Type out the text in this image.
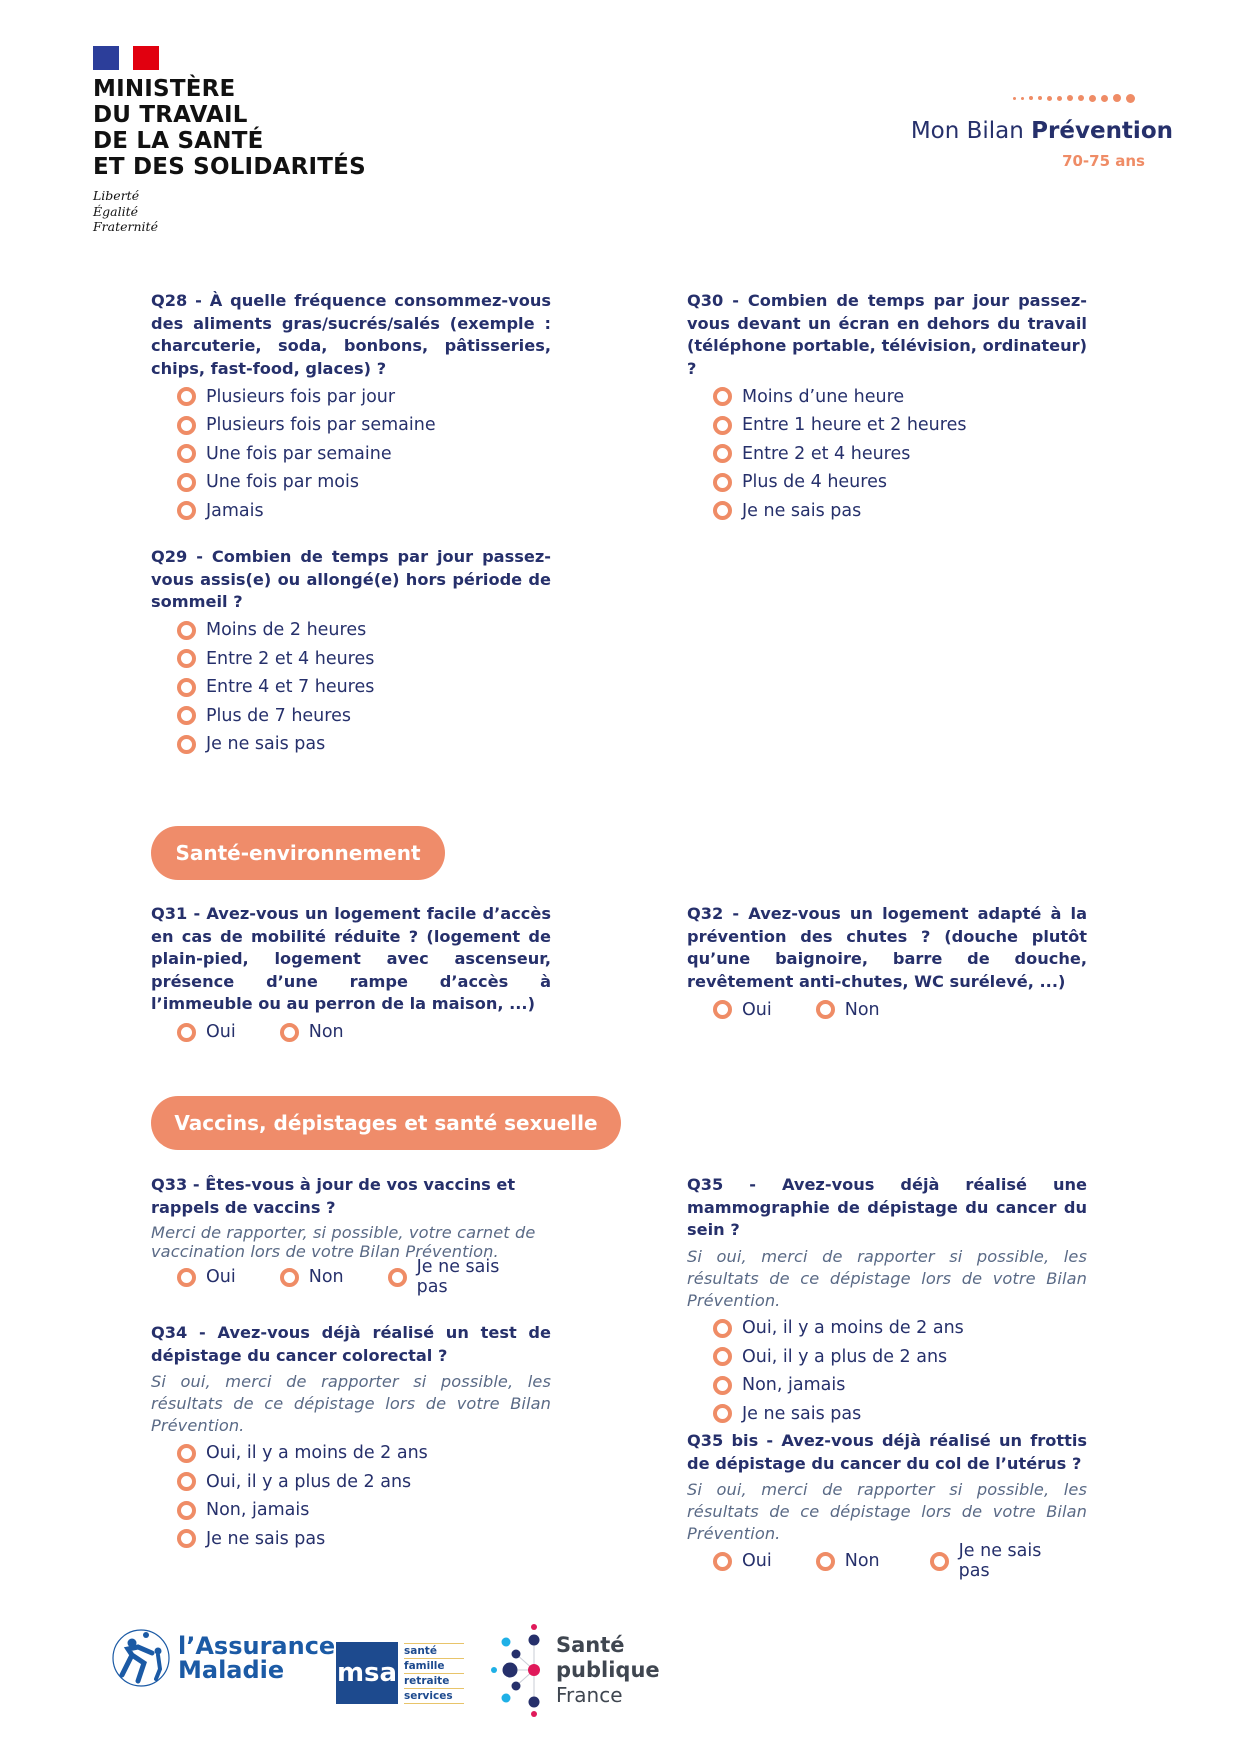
MINISTÈRE
DU TRAVAIL
DE LA SANTÉ
ET DES SOLIDARITÉS
Liberté
Égalité
Fraternité
Mon Bilan Prévention
70-75 ans
Q28 - À quelle fréquence consommez-vous des aliments gras/sucrés/salés (exemple : charcuterie, soda, bonbons, pâtisseries, chips, fast-food, glaces) ?
Plusieurs fois par jour
Plusieurs fois par semaine
Une fois par semaine
Une fois par mois
Jamais
Q29 - Combien de temps par jour passez-vous assis(e) ou allongé(e) hors période de sommeil ?
Moins de 2 heures
Entre 2 et 4 heures
Entre 4 et 7 heures
Plus de 7 heures
Je ne sais pas
Q30 - Combien de temps par jour passez-vous devant un écran en dehors du travail (téléphone portable, télévision, ordinateur) ?
Moins d’une heure
Entre 1 heure et 2 heures
Entre 2 et 4 heures
Plus de 4 heures
Je ne sais pas
Santé-environnement
Q31 - Avez-vous un logement facile d’accès en cas de mobilité réduite ? (logement de plain-pied, logement avec ascenseur, présence d’une rampe d’accès à l’immeuble ou au perron de la maison, ...)
Oui	Non
Q32 - Avez-vous un logement adapté à la prévention des chutes ? (douche plutôt qu’une baignoire, barre de douche, revêtement anti-chutes, WC surélevé, ...)
Oui	Non
Vaccins, dépistages et santé sexuelle
Q33 - Êtes-vous à jour de vos vaccins et rappels de vaccins ?
Merci de rapporter, si possible, votre carnet de vaccination lors de votre Bilan Prévention.
Oui	Non	Je ne sais pas
Q34 - Avez-vous déjà réalisé un test de dépistage du cancer colorectal ?
Si oui, merci de rapporter si possible, les résultats de ce dépistage lors de votre Bilan Prévention.
Oui, il y a moins de 2 ans
Oui, il y a plus de 2 ans
Non, jamais
Je ne sais pas
Q35 - Avez-vous déjà réalisé une mammographie de dépistage du cancer du sein ?
Si oui, merci de rapporter si possible, les résultats de ce dépistage lors de votre Bilan Prévention.
Oui, il y a moins de 2 ans
Oui, il y a plus de 2 ans
Non, jamais
Je ne sais pas
Q35 bis - Avez-vous déjà réalisé un frottis de dépistage du cancer du col de l’utérus ?
Si oui, merci de rapporter si possible, les résultats de ce dépistage lors de votre Bilan Prévention.
Oui	Non	Je ne sais pas
l’Assurance
Maladie	msa
santé
famille
retraite
services
Santé
publique
France
